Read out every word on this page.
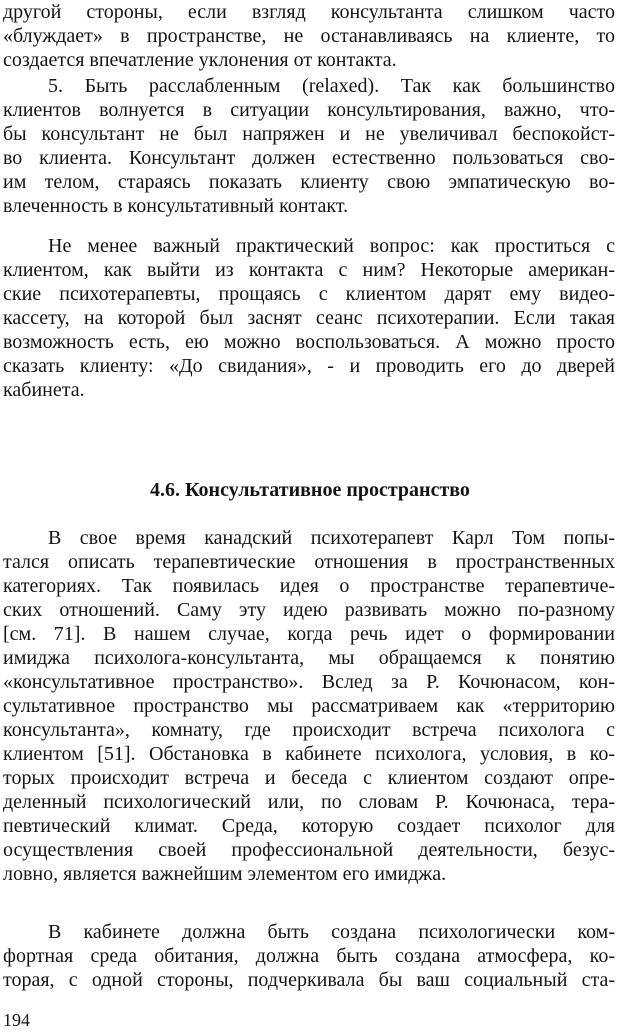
другой стороны, если взгляд консультанта слишком часто
«блуждает» в пространстве, не останавливаясь на клиенте, то
создается впечатление уклонения от контакта.
5. Быть расслабленным (relaxed). Так как большинство
клиентов волнуется в ситуации консультирования, важно, что-
бы консультант не был напряжен и не увеличивал беспокойст-
во клиента. Консультант должен естественно пользоваться сво-
им телом, стараясь показать клиенту свою эмпатическую во-
влеченность в консультативный контакт.
Не менее важный практический вопрос: как проститься с
клиентом, как выйти из контакта с ним? Некоторые американ-
ские психотерапевты, прощаясь с клиентом дарят ему видео-
кассету, на которой был заснят сеанс психотерапии. Если такая
возможность есть, ею можно воспользоваться. А можно просто
сказать клиенту: «До свидания», - и проводить его до дверей
кабинета.
4.6. Консультативное пространство
В свое время канадский психотерапевт Карл Том попы-
тался описать терапевтические отношения в пространственных
категориях. Так появилась идея о пространстве терапевтиче-
ских отношений. Саму эту идею развивать можно по-разному
[см. 71]. В нашем случае, когда речь идет о формировании
имиджа психолога-консультанта, мы обращаемся к понятию
«консультативное пространство». Вслед за Р. Кочюнасом, кон-
сультативное пространство мы рассматриваем как «территорию
консультанта», комнату, где происходит встреча психолога с
клиентом [51]. Обстановка в кабинете психолога, условия, в ко-
торых происходит встреча и беседа с клиентом создают опре-
деленный психологический или, по словам Р. Кочюнаса, тера-
певтический климат. Среда, которую создает психолог для
осуществления своей профессиональной деятельности, безус-
ловно, является важнейшим элементом его имиджа.
В кабинете должна быть создана психологически ком-
фортная среда обитания, должна быть создана атмосфера, ко-
торая, с одной стороны, подчеркивала бы ваш социальный ста-
194
